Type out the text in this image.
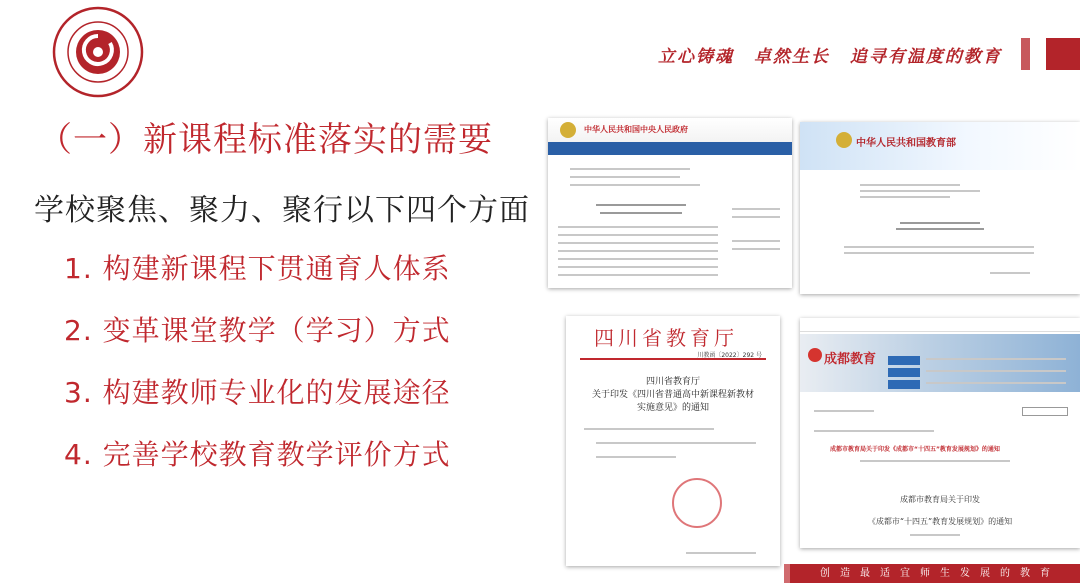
立心铸魂 卓然生长 追寻有温度的教育
（一）新课程标准落实的需要
学校聚焦、聚力、聚行以下四个方面
1. 构建新课程下贯通育人体系
2. 变革课堂教学（学习）方式
3. 构建教师专业化的发展途径
4. 完善学校教育教学评价方式
中华人民共和国中央人民政府
中华人民共和国教育部
四川省教育厅
川教函〔2022〕292 号
四川省教育厅
关于印发《四川省普通高中新课程新教材
实施意见》的通知
成都教育
成都市教育局关于印发《成都市“十四五”教育发展规划》的通知
成都市教育局关于印发
《成都市“十四五”教育发展规划》的通知
创造最适宜师生发展的教育
